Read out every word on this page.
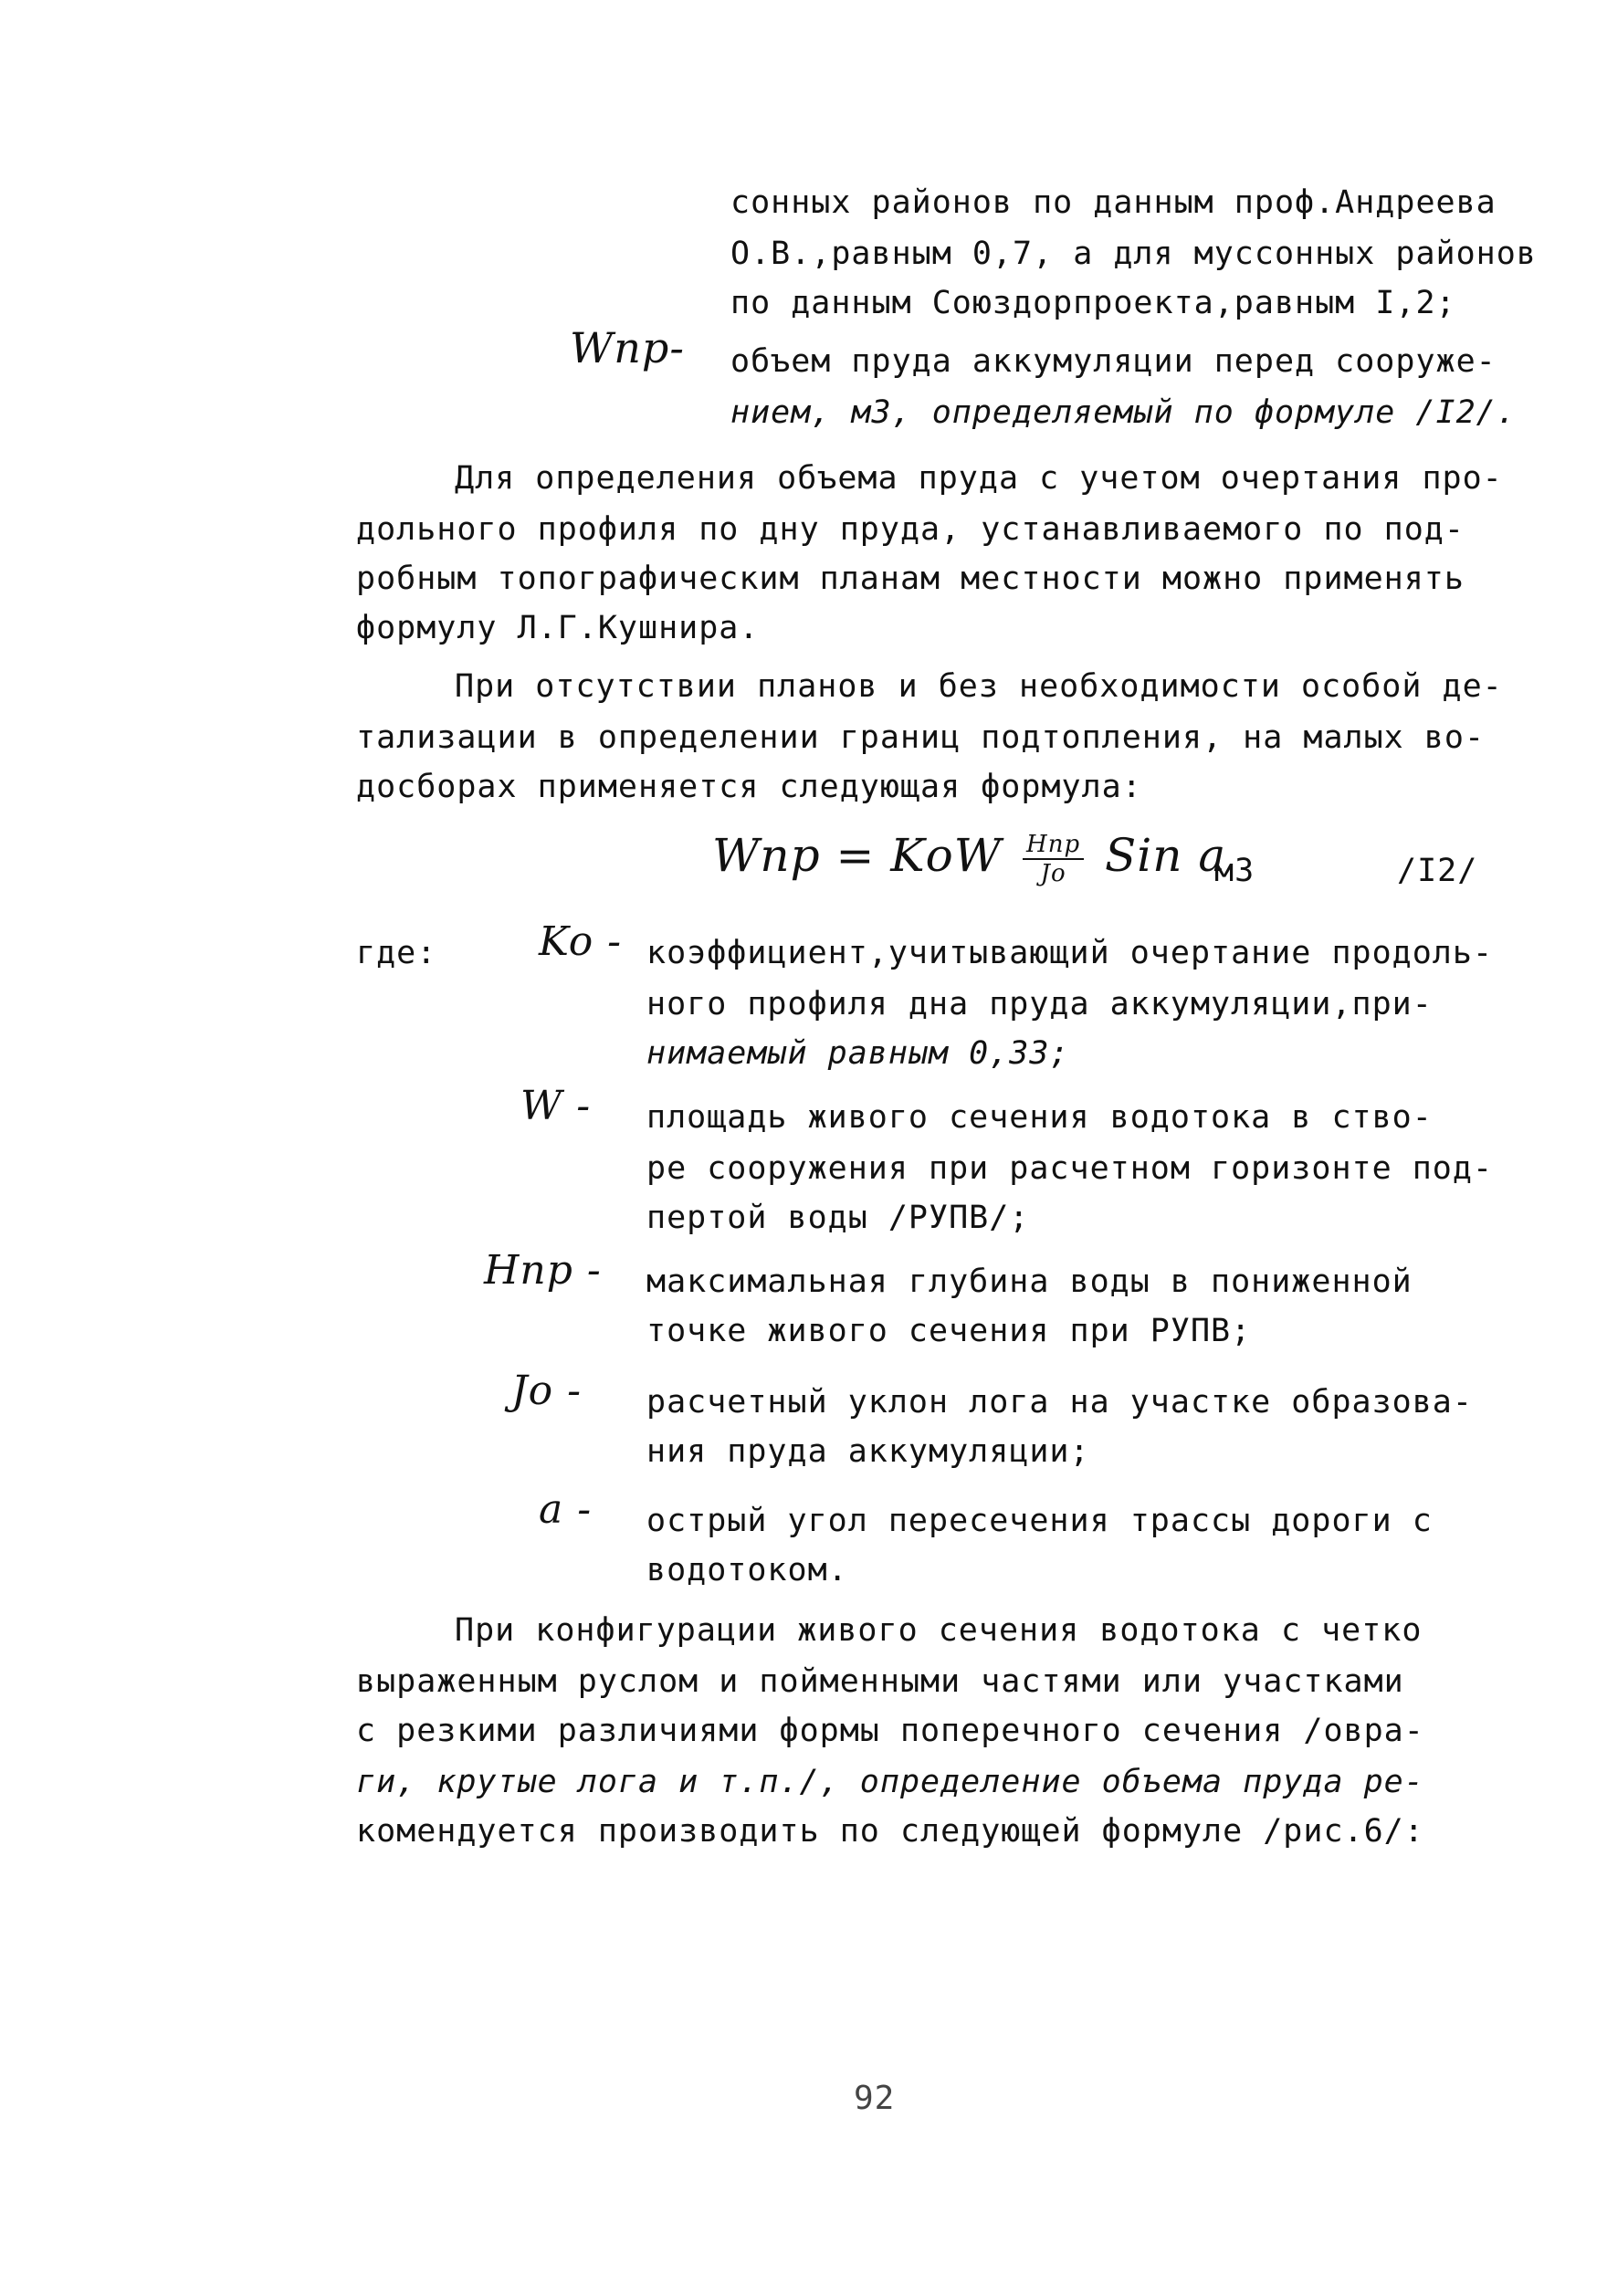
сонных районов по данным проф.Андреева
О.В.,равным 0,7, а для муссонных районов
по данным Союздорпроекта,равным I,2;
Wпр- объем пруда аккумуляции перед сооруже-
нием, м3, определяемый по формуле /I2/.
Для определения объема пруда с учетом очертания про-
дольного профиля по дну пруда, устанавливаемого по под-
робным топографическим планам местности можно применять
формулу Л.Г.Кушнира.
При отсутствии планов и без необходимости особой де-
тализации в определении границ подтопления, на малых во-
досборах применяется следующая формула:
Wпр = KоW $\frac{\text{Hпр}}{Jо}$ Sin a
м3	/I2/
где:	Ko - коэффициент,учитывающий очертание продоль-
ного профиля дна пруда аккумуляции,при-
нимаемый равным 0,33;
W - площадь живого сечения водотока в ство-
ре сооружения при расчетном горизонте под-
пертой воды /РУПВ/;
Hпр - максимальная глубина воды в пониженной
точке живого сечения при РУПВ;
Jo - расчетный уклон лога на участке образова-
ния пруда аккумуляции;
a - острый угол пересечения трассы дороги с
водотоком.
При конфигурации живого сечения водотока с четко
выраженным руслом и пойменными частями или участками
с резкими различиями формы поперечного сечения /овра-
ги, крутые лога и т.п./, определение объема пруда ре-
комендуется производить по следующей формуле /рис.6/:
92
